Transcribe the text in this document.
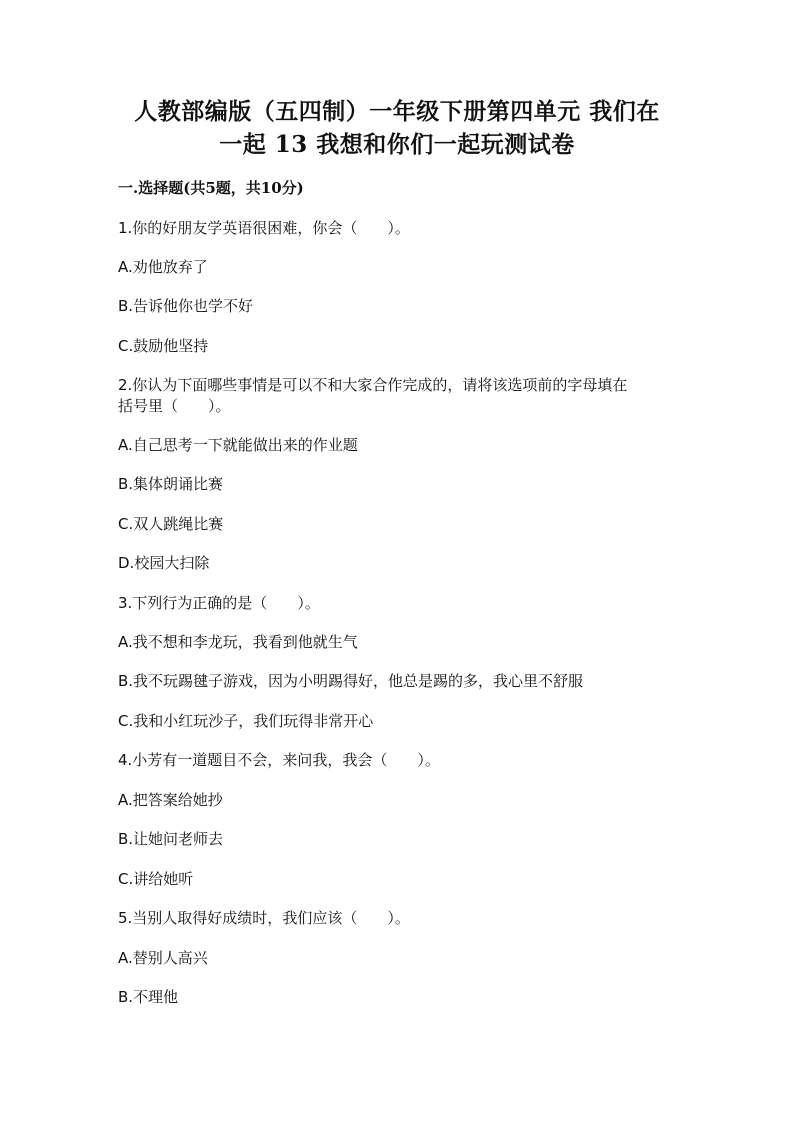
人教部编版（五四制）一年级下册第四单元 我们在
一起 13 我想和你们一起玩测试卷
一.选择题(共5题，共10分)
1.你的好朋友学英语很困难，你会（　　）。
A.劝他放弃了
B.告诉他你也学不好
C.鼓励他坚持
2.你认为下面哪些事情是可以不和大家合作完成的，请将该选项前的字母填在
括号里（　　）。
A.自己思考一下就能做出来的作业题
B.集体朗诵比赛
C.双人跳绳比赛
D.校园大扫除
3.下列行为正确的是（　　）。
A.我不想和李龙玩，我看到他就生气
B.我不玩踢毽子游戏，因为小明踢得好，他总是踢的多，我心里不舒服
C.我和小红玩沙子，我们玩得非常开心
4.小芳有一道题目不会，来问我，我会（　　）。
A.把答案给她抄
B.让她问老师去
C.讲给她听
5.当别人取得好成绩时，我们应该（　　）。
A.替别人高兴
B.不理他
